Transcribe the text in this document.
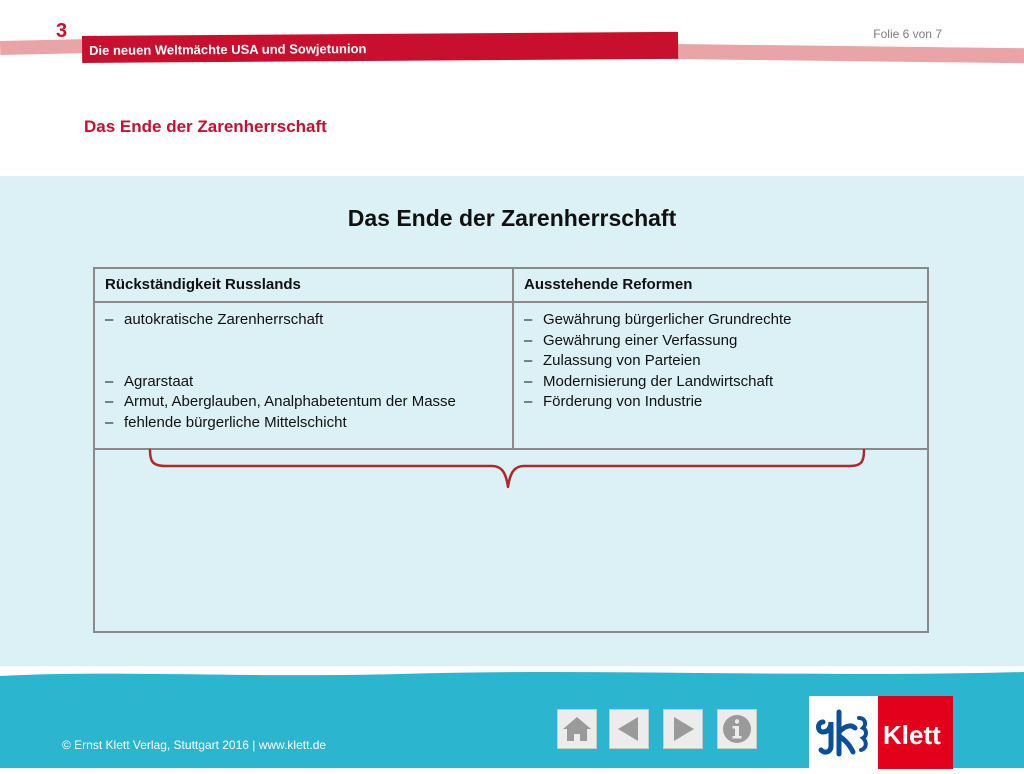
3
Die neuen Weltmächte USA und Sowjetunion
Folie 6 von 7
Das Ende der Zarenherrschaft
Das Ende der Zarenherrschaft
Rückständigkeit Russlands	Ausstehende Reformen
– autokratische Zarenherrschaft
– Agrarstaat
– Armut, Aberglauben, Analphabetentum der Masse
– fehlende bürgerliche Mittelschicht
– Gewährung bürgerlicher Grundrechte
– Gewährung einer Verfassung
– Zulassung von Parteien
– Modernisierung der Landwirtschaft
– Förderung von Industrie
© Ernst Klett Verlag, Stuttgart 2016 | www.klett.de	Klett
